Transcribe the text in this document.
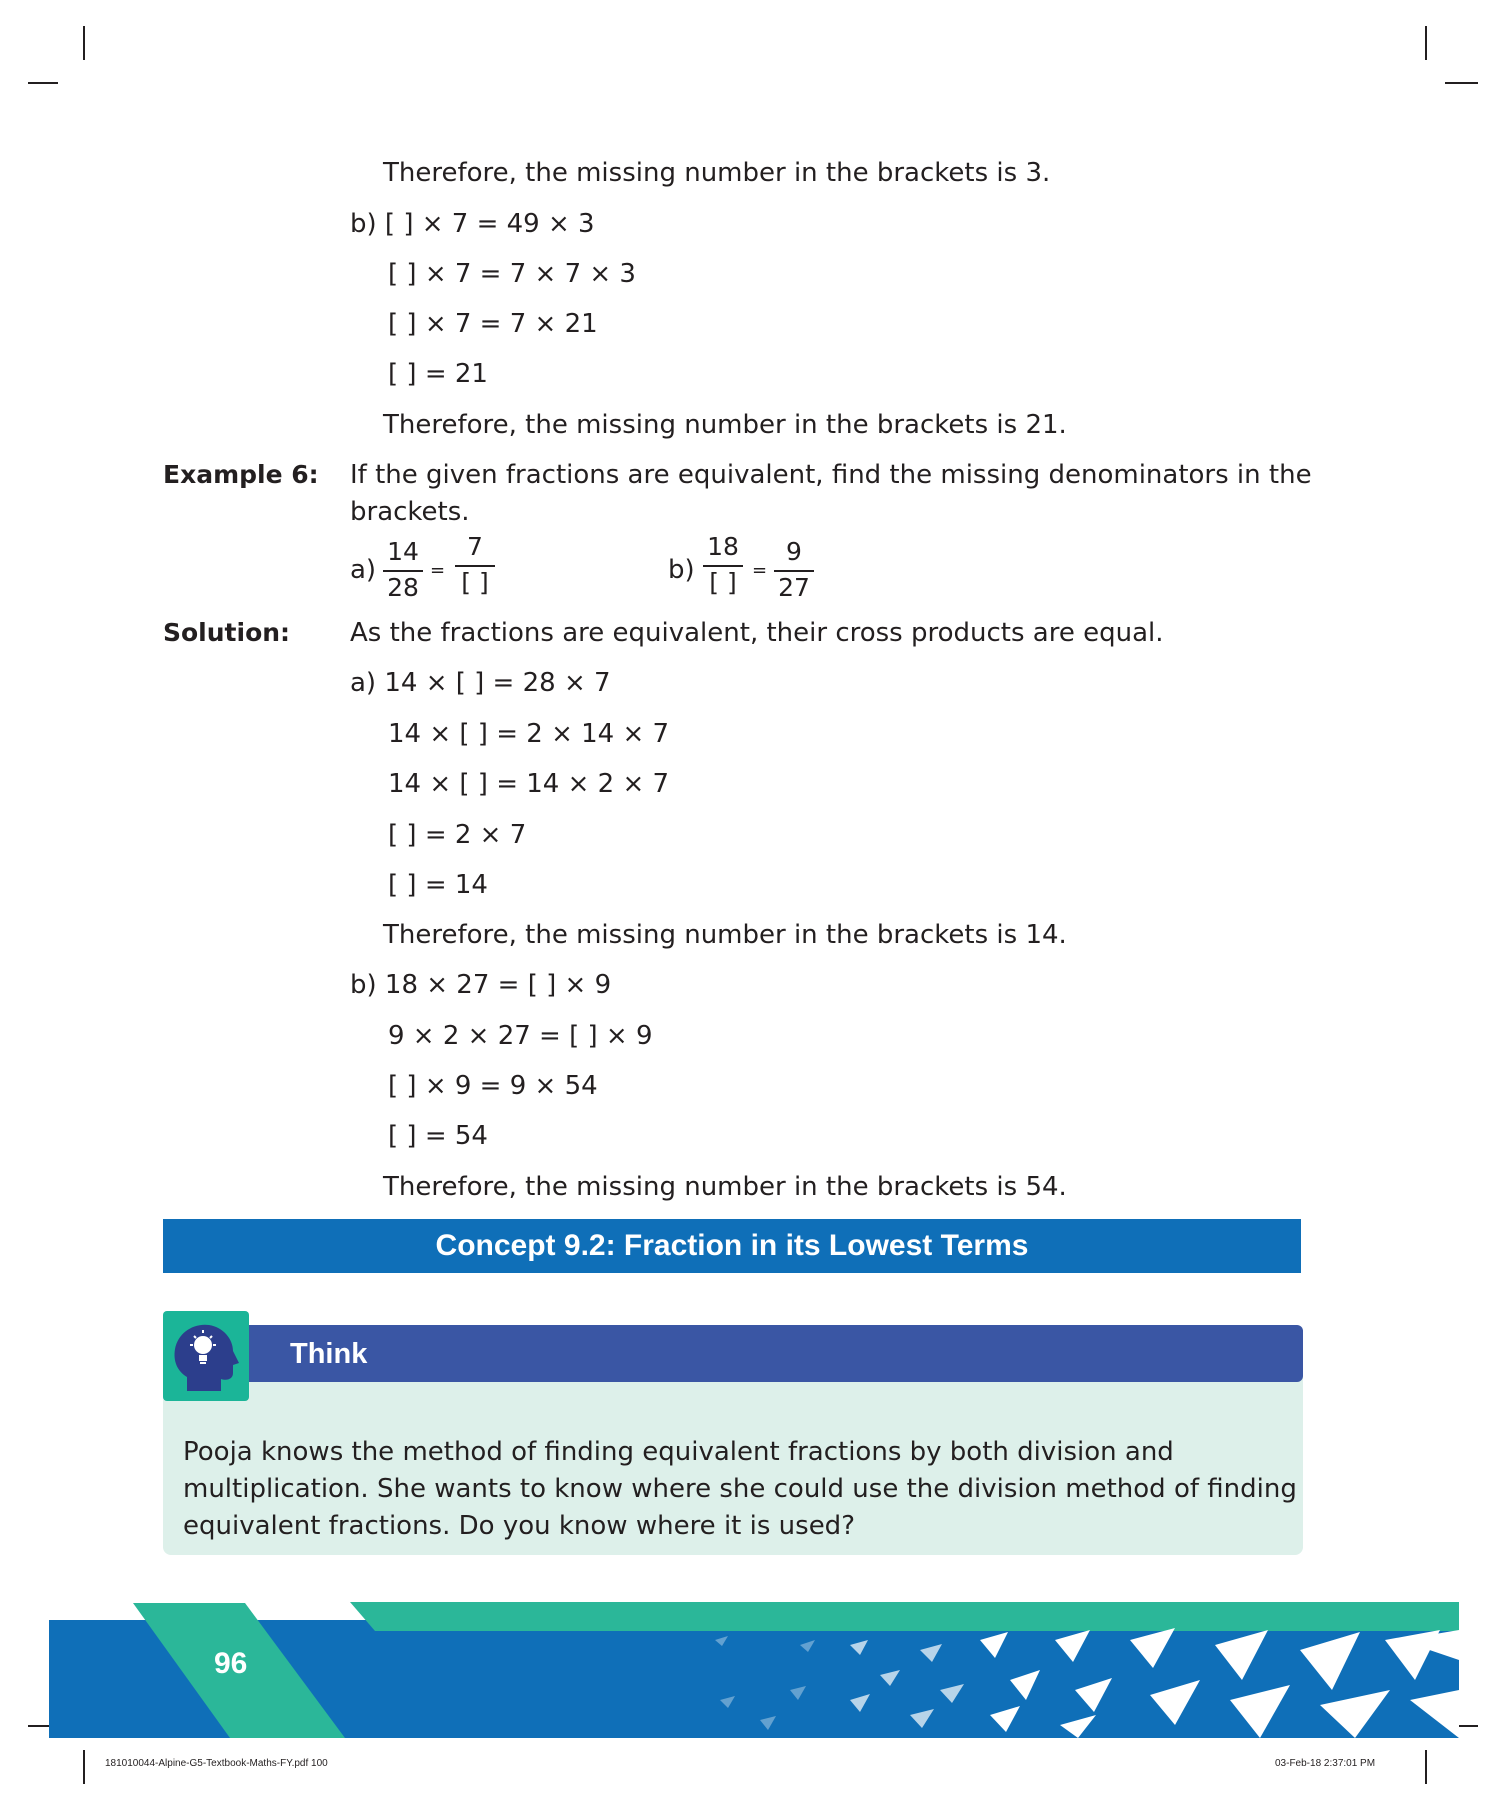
Therefore, the missing number in the brackets is 3.
b) [ ] × 7 = 49 × 3
[ ] × 7 = 7 × 7 × 3
[ ] × 7 = 7 × 21
[ ] = 21
Therefore, the missing number in the brackets is 21.
Example 6: If the given fractions are equivalent, find the missing denominators in the
brackets.
a)
14
28
=
7
[ ]	b)
18
[ ] =
9
27
Solution: As the fractions are equivalent, their cross products are equal.
a) 14 × [ ] = 28 × 7
14 × [ ] = 2 × 14 × 7
14 × [ ] = 14 × 2 × 7
[ ] = 2 × 7
[ ] = 14
Therefore, the missing number in the brackets is 14.
b) 18 × 27 = [ ] × 9
9 × 2 × 27 = [ ] × 9
[ ] × 9 = 9 × 54
[ ] = 54
Therefore, the missing number in the brackets is 54.
Concept 9.2: Fraction in its Lowest Terms
Think
Pooja knows the method of finding equivalent fractions by both division and
multiplication. She wants to know where she could use the division method of finding
equivalent fractions. Do you know where it is used?
96
181010044-Alpine-G5-Textbook-Maths-FY.pdf 100	03-Feb-18 2:37:01 PM
